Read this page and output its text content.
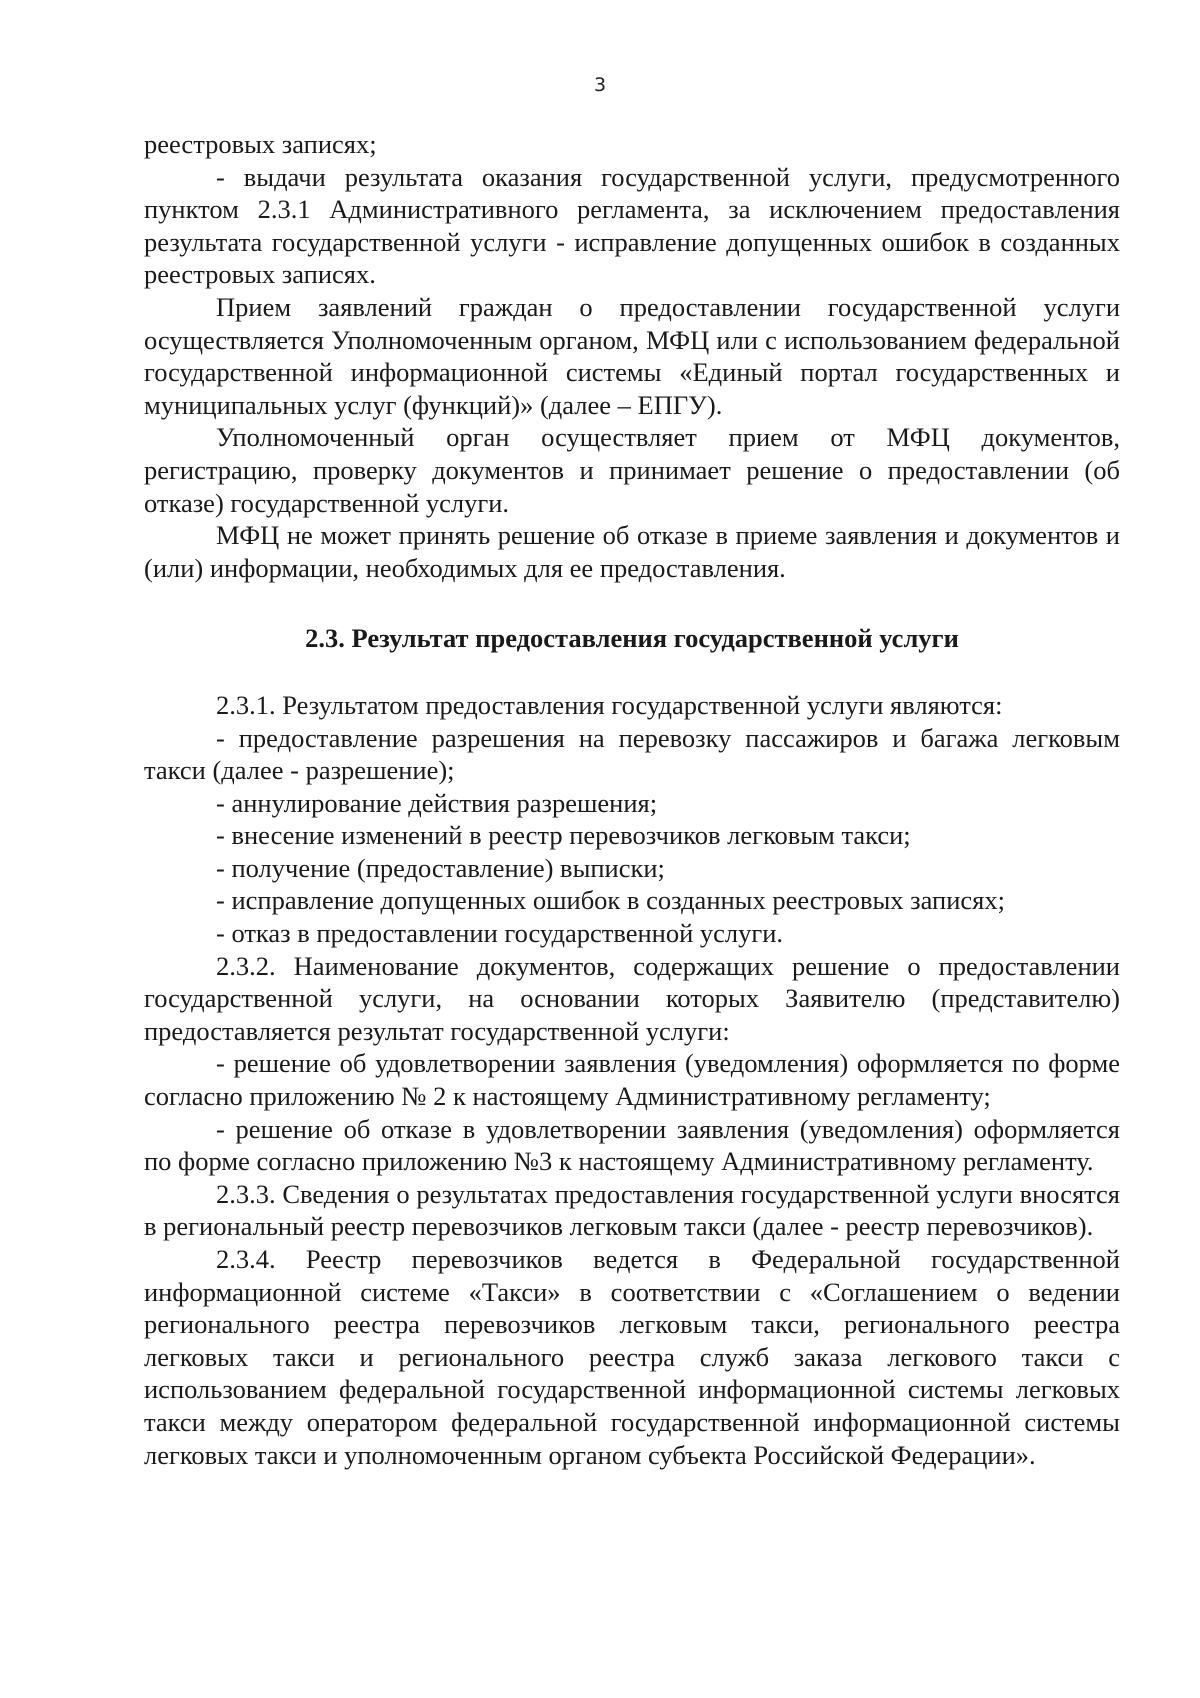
3

реестровых записях;

- выдачи результата оказания государственной услуги, предусмотренного пунктом 2.3.1 Административного регламента, за исключением предоставления результата государственной услуги - исправление допущенных ошибок в созданных реестровых записях.

Прием заявлений граждан о предоставлении государственной услуги осуществляется Уполномоченным органом, МФЦ или с использованием федеральной государственной информационной системы «Единый портал государственных и муниципальных услуг (функций)» (далее – ЕПГУ).

Уполномоченный орган осуществляет прием от МФЦ документов, регистрацию, проверку документов и принимает решение о предоставлении (об отказе) государственной услуги.

МФЦ не может принять решение об отказе в приеме заявления и документов и (или) информации, необходимых для ее предоставления.

2.3. Результат предоставления государственной услуги

2.3.1. Результатом предоставления государственной услуги являются:

- предоставление разрешения на перевозку пассажиров и багажа легковым такси (далее - разрешение);

- аннулирование действия разрешения;

- внесение изменений в реестр перевозчиков легковым такси;

- получение (предоставление) выписки;

- исправление допущенных ошибок в созданных реестровых записях;

- отказ в предоставлении государственной услуги.

2.3.2. Наименование документов, содержащих решение о предоставлении государственной услуги, на основании которых Заявителю (представителю) предоставляется результат государственной услуги:

- решение об удовлетворении заявления (уведомления) оформляется по форме согласно приложению № 2 к настоящему Административному регламенту;

- решение об отказе в удовлетворении заявления (уведомления) оформляется по форме согласно приложению №3 к настоящему Административному регламенту.

2.3.3. Сведения о результатах предоставления государственной услуги вносятся в региональный реестр перевозчиков легковым такси (далее - реестр перевозчиков).

2.3.4. Реестр перевозчиков ведется в Федеральной государственной информационной системе «Такси» в соответствии с «Соглашением о ведении регионального реестра перевозчиков легковым такси, регионального реестра легковых такси и регионального реестра служб заказа легкового такси с использованием федеральной государственной информационной системы легковых такси между оператором федеральной государственной информационной системы легковых такси и уполномоченным органом субъекта Российской Федерации».
